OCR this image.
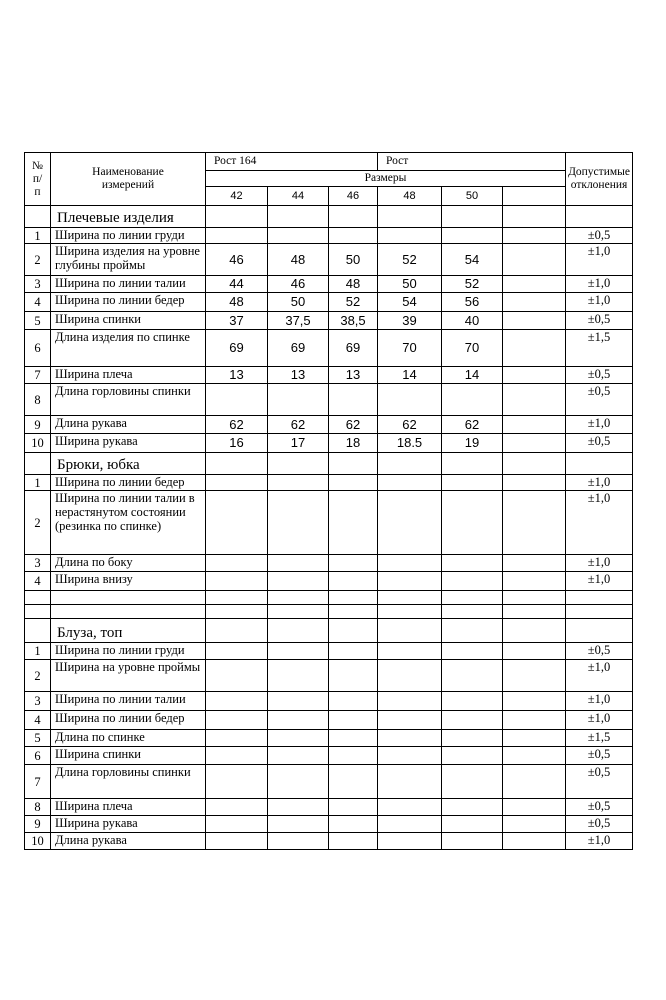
№ п/ п	Наименование измерений	Рост 164			Рост			Допустимые отклонения
		Размеры						
		42	44	46	48	50		
	Плечевые изделия							
1	Ширина по линии груди							±0,5
2	Ширина изделия на уровне глубины проймы	46	48	50	52	54		±1,0
3	Ширина по линии талии	44	46	48	50	52		±1,0
4	Ширина по линии бедер	48	50	52	54	56		±1,0
5	Ширина спинки	37	37,5	38,5	39	40		±0,5
6	Длина изделия по спинке	69	69	69	70	70		±1,5
7	Ширина плеча	13	13	13	14	14		±0,5
8	Длина горловины спинки							±0,5
9	Длина рукава	62	62	62	62	62		±1,0
10	Ширина рукава	16	17	18	18.5	19		±0,5
	Брюки, юбка							
1	Ширина по линии бедер							±1,0
2	Ширина по линии талии в нерастянутом состоянии (резинка по спинке)							±1,0
3	Длина по боку							±1,0
4	Ширина внизу							±1,0

	Блуза, топ							
1	Ширина по линии груди							±0,5
2	Ширина на уровне проймы							±1,0
3	Ширина по линии талии							±1,0
4	Ширина по линии бедер							±1,0
5	Длина по спинке							±1,5
6	Ширина спинки							±0,5
7	Длина горловины спинки							±0,5
8	Ширина плеча							±0,5
9	Ширина рукава							±0,5
10	Длина рукава							±1,0
